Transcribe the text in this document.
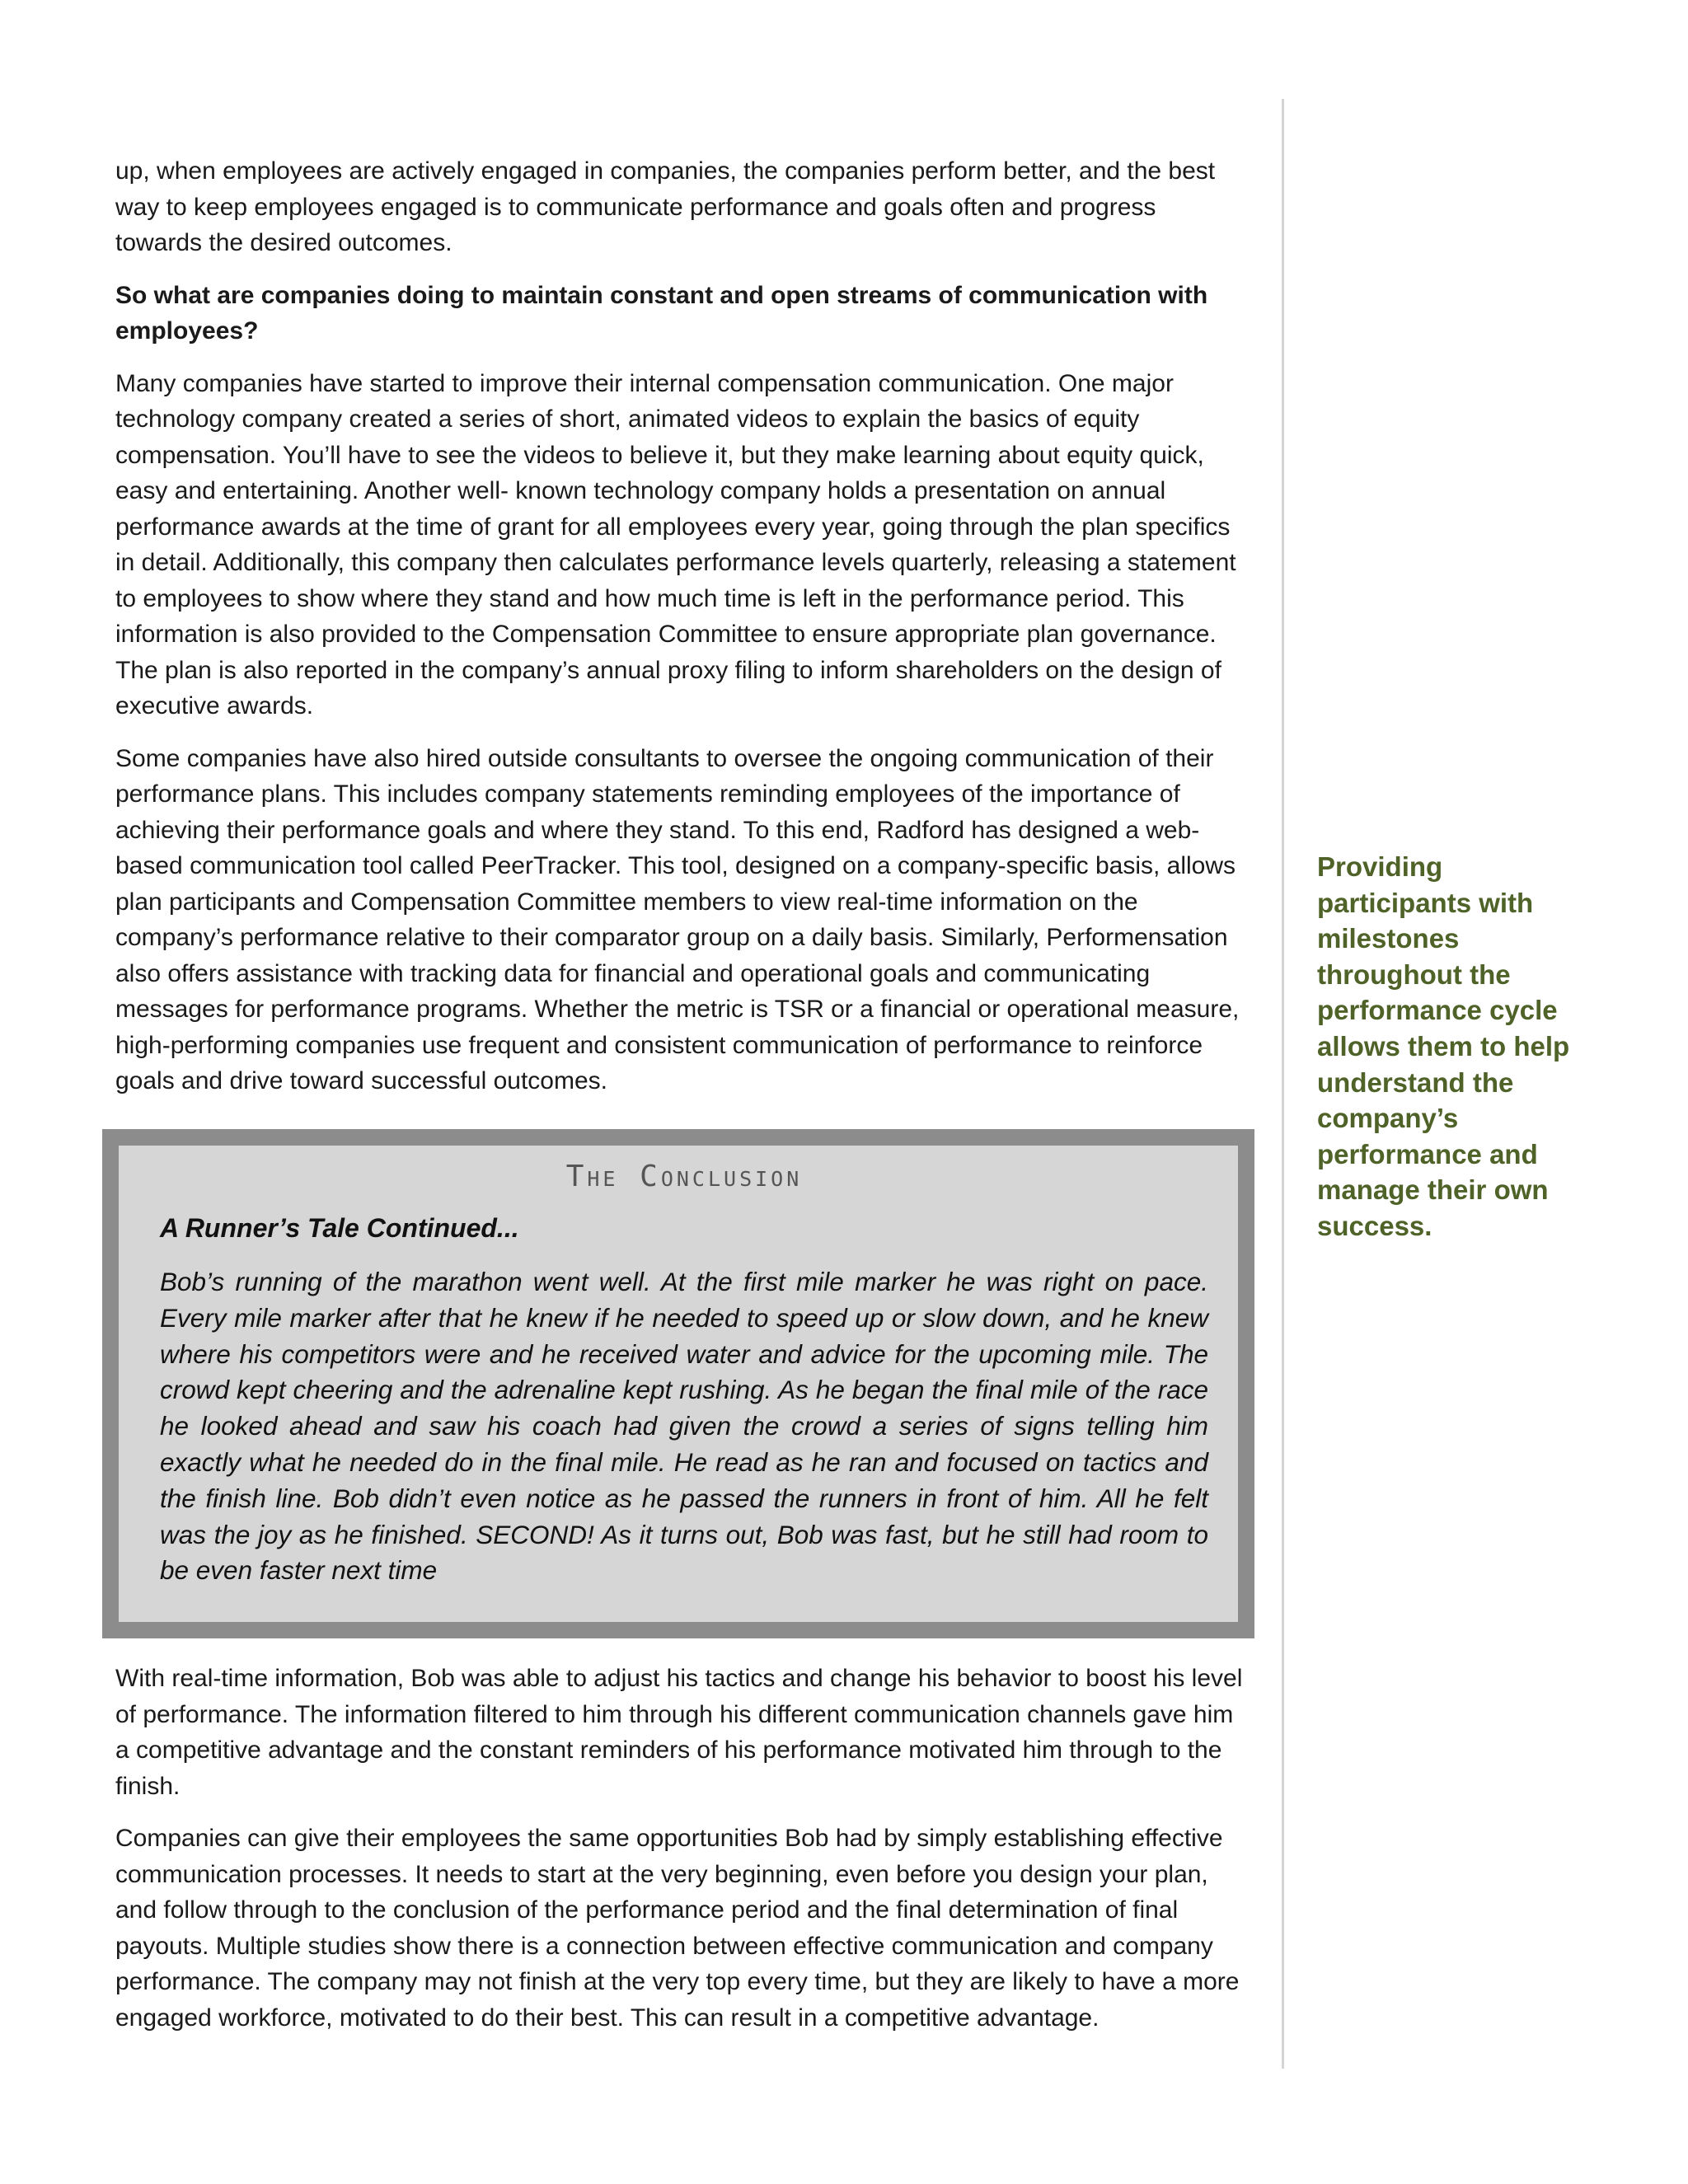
up, when employees are actively engaged in companies, the companies perform better, and the best way to keep employees engaged is to communicate performance and goals often and progress towards the desired outcomes.

So what are companies doing to maintain constant and open streams of communication with employees?

Many companies have started to improve their internal compensation communication. One major technology company created a series of short, animated videos to explain the basics of equity compensation. You’ll have to see the videos to believe it, but they make learning about equity quick, easy and entertaining. Another well- known technology company holds a presentation on annual performance awards at the time of grant for all employees every year, going through the plan specifics in detail. Additionally, this company then calculates performance levels quarterly, releasing a statement to employees to show where they stand and how much time is left in the performance period. This information is also provided to the Compensation Committee to ensure appropriate plan governance. The plan is also reported in the company’s annual proxy filing to inform shareholders on the design of executive awards.

Some companies have also hired outside consultants to oversee the ongoing communication of their performance plans. This includes company statements reminding employees of the importance of achieving their performance goals and where they stand. To this end, Radford has designed a web-based communication tool called PeerTracker. This tool, designed on a company-specific basis, allows plan participants and Compensation Committee members to view real-time information on the company’s performance relative to their comparator group on a daily basis. Similarly, Performensation also offers assistance with tracking data for financial and operational goals and communicating messages for performance programs. Whether the metric is TSR or a financial or operational measure, high-performing companies use frequent and consistent communication of performance to reinforce goals and drive toward successful outcomes.

The Conclusion
A Runner’s Tale Continued...

Bob’s running of the marathon went well. At the first mile marker he was right on pace. Every mile marker after that he knew if he needed to speed up or slow down, and he knew where his competitors were and he received water and advice for the upcoming mile. The crowd kept cheering and the adrenaline kept rushing. As he began the final mile of the race he looked ahead and saw his coach had given the crowd a series of signs telling him exactly what he needed do in the final mile. He read as he ran and focused on tactics and the finish line. Bob didn’t even notice as he passed the runners in front of him. All he felt was the joy as he finished. SECOND! As it turns out, Bob was fast, but he still had room to be even faster next time

With real-time information, Bob was able to adjust his tactics and change his behavior to boost his level of performance. The information filtered to him through his different communication channels gave him a competitive advantage and the constant reminders of his performance motivated him through to the finish.

Companies can give their employees the same opportunities Bob had by simply establishing effective communication processes. It needs to start at the very beginning, even before you design your plan, and follow through to the conclusion of the performance period and the final determination of final payouts. Multiple studies show there is a connection between effective communication and company performance. The company may not finish at the very top every time, but they are likely to have a more engaged workforce, motivated to do their best. This can result in a competitive advantage.

Providing participants with milestones throughout the performance cycle allows them to help understand the company’s performance and manage their own success.
